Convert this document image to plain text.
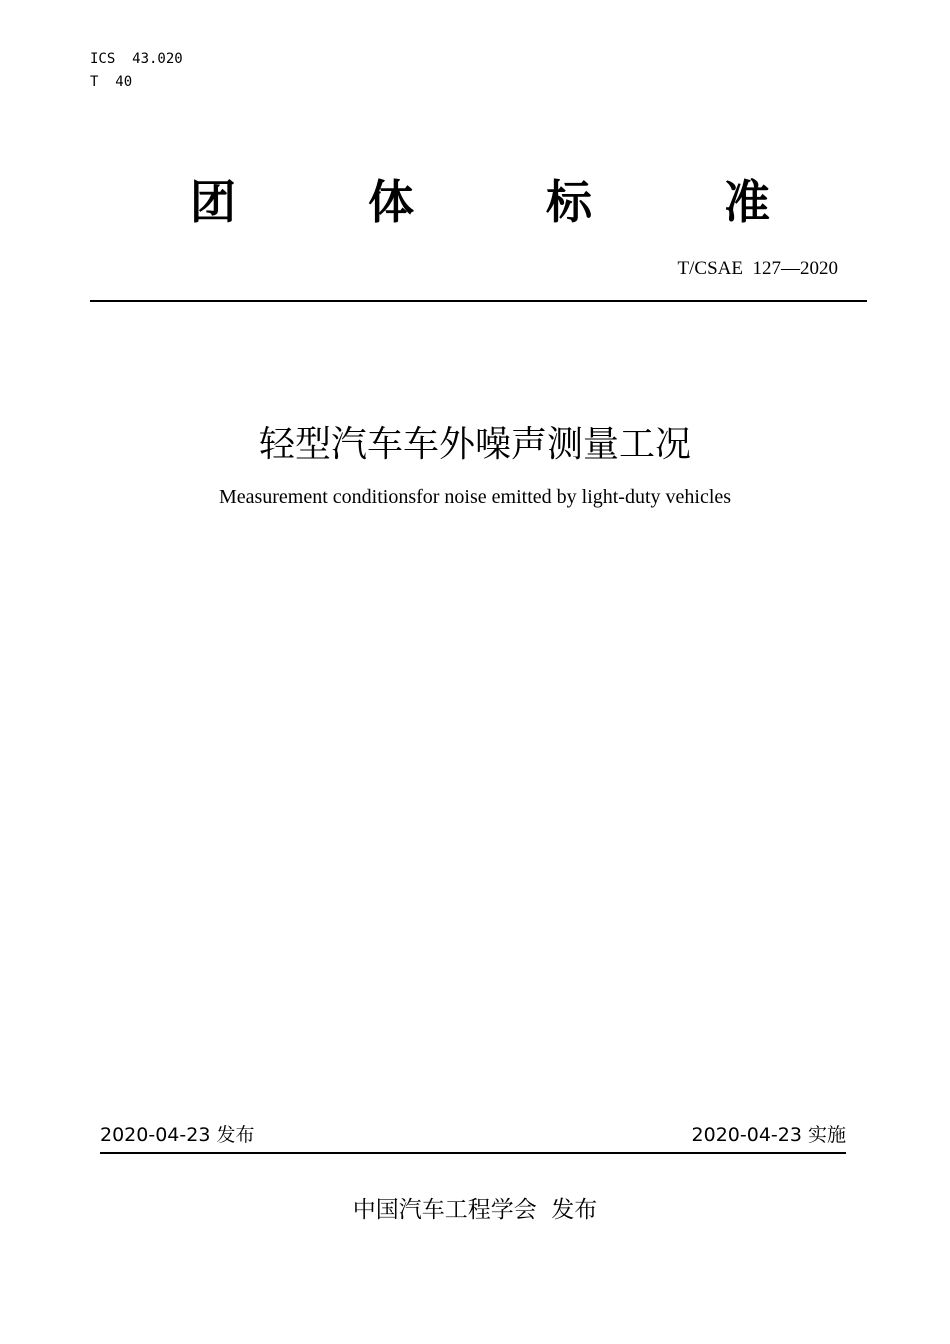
ICS  43.020
T  40
团	体	标	准
T/CSAE  127—2020
轻型汽车车外噪声测量工况
Measurement conditionsfor noise emitted by light-duty vehicles
2020-04-23 发布	2020-04-23 实施
中国汽车工程学会  发布
